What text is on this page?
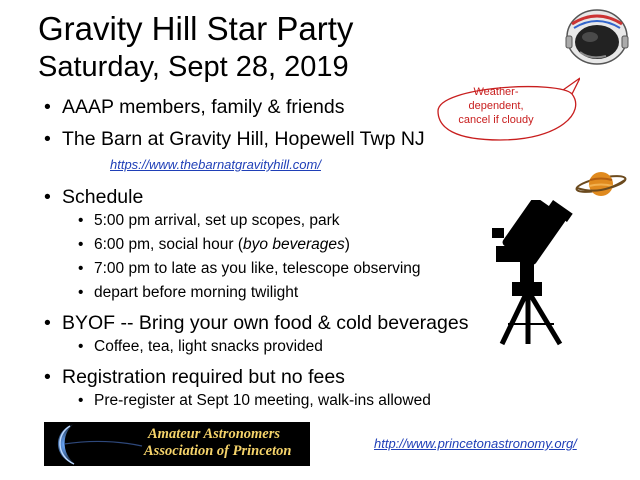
Gravity Hill Star Party
Saturday, Sept 28, 2019
Weather-
dependent,
cancel if cloudy
• AAAP members, family & friends
• The Barn at Gravity Hill, Hopewell Twp NJ
https://www.thebarnatgravityhill.com/
• Schedule
• 5:00 pm arrival, set up scopes, park
• 6:00 pm, social hour (byo beverages)
• 7:00 pm to late as you like, telescope observing
• depart before morning twilight
• BYOF -- Bring your own food & cold beverages
• Coffee, tea, light snacks provided
• Registration required but no fees
• Pre-register at Sept 10 meeting, walk-ins allowed
Amateur Astronomers
Association of Princeton	http://www.princetonastronomy.org/
